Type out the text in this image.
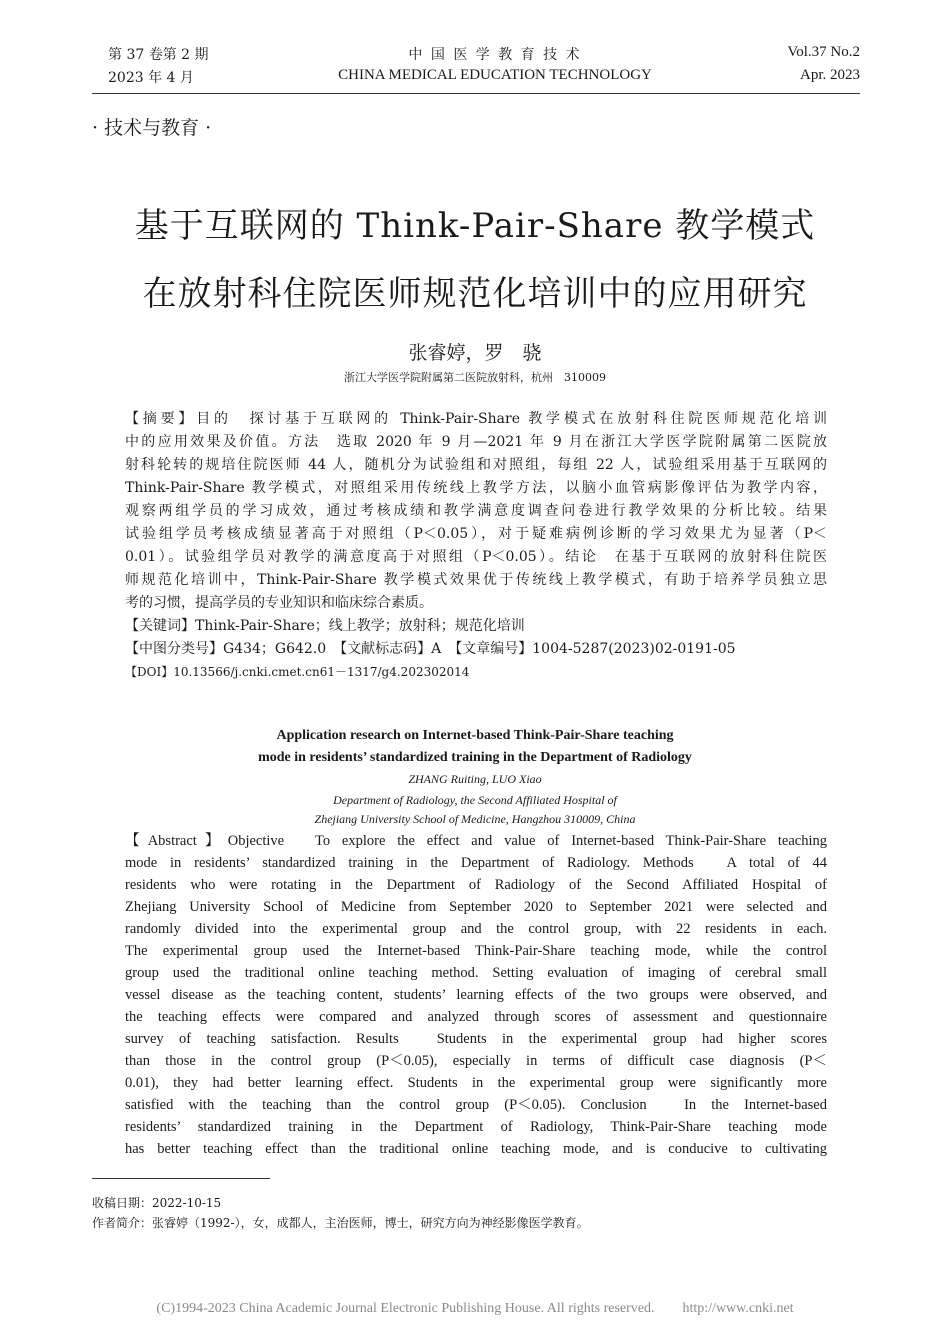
第 37 卷第 2 期
2023 年 4 月
中 国 医 学 教 育 技 术
CHINA MEDICAL EDUCATION TECHNOLOGY
Vol.37 No.2
Apr. 2023
· 技术与教育 ·
基于互联网的 Think-Pair-Share 教学模式
在放射科住院医师规范化培训中的应用研究
张睿婷，罗　骁
浙江大学医学院附属第二医院放射科，杭州　310009
【摘要】目的　探讨基于互联网的 Think-Pair-Share 教学模式在放射科住院医师规范化培训
中的应用效果及价值。方法　选取 2020 年 9 月—2021 年 9 月在浙江大学医学院附属第二医院放
射科轮转的规培住院医师 44 人，随机分为试验组和对照组，每组 22 人，试验组采用基于互联网的
Think-Pair-Share 教学模式，对照组采用传统线上教学方法，以脑小血管病影像评估为教学内容，
观察两组学员的学习成效，通过考核成绩和教学满意度调查问卷进行教学效果的分析比较。结果
试验组学员考核成绩显著高于对照组（P＜0.05），对于疑难病例诊断的学习效果尤为显著（P＜
0.01）。试验组学员对教学的满意度高于对照组（P＜0.05）。结论　在基于互联网的放射科住院医
师规范化培训中，Think-Pair-Share 教学模式效果优于传统线上教学模式，有助于培养学员独立思
考的习惯，提高学员的专业知识和临床综合素质。
【关键词】Think-Pair-Share；线上教学；放射科；规范化培训
【中图分类号】G434；G642.0　【文献标志码】A　【文章编号】1004-5287(2023)02-0191-05
【DOI】10.13566/j.cnki.cmet.cn61－1317/g4.202302014
Application research on Internet-based Think-Pair-Share teaching
mode in residents’ standardized training in the Department of Radiology
ZHANG Ruiting, LUO Xiao
Department of Radiology, the Second Affiliated Hospital of
Zhejiang University School of Medicine, Hangzhou 310009, China
【Abstract】Objective　To explore the effect and value of Internet-based Think-Pair-Share teaching
mode in residents’ standardized training in the Department of Radiology. Methods　A total of 44
residents who were rotating in the Department of Radiology of the Second Affiliated Hospital of
Zhejiang University School of Medicine from September 2020 to September 2021 were selected and
randomly divided into the experimental group and the control group, with 22 residents in each.
The experimental group used the Internet-based Think-Pair-Share teaching mode, while the control
group used the traditional online teaching method. Setting evaluation of imaging of cerebral small
vessel disease as the teaching content, students’ learning effects of the two groups were observed, and
the teaching effects were compared and analyzed through scores of assessment and questionnaire
survey of teaching satisfaction. Results　Students in the experimental group had higher scores
than those in the control group (P＜0.05), especially in terms of difficult case diagnosis (P＜
0.01), they had better learning effect. Students in the experimental group were significantly more
satisfied with the teaching than the control group (P＜0.05). Conclusion　In the Internet-based
residents’ standardized training in the Department of Radiology, Think-Pair-Share teaching mode
has better teaching effect than the traditional online teaching mode, and is conducive to cultivating
收稿日期：2022-10-15
作者简介：张睿婷（1992-），女，成都人，主治医师，博士，研究方向为神经影像医学教育。
(C)1994-2023 China Academic Journal Electronic Publishing House. All rights reserved.　　http://www.cnki.net
